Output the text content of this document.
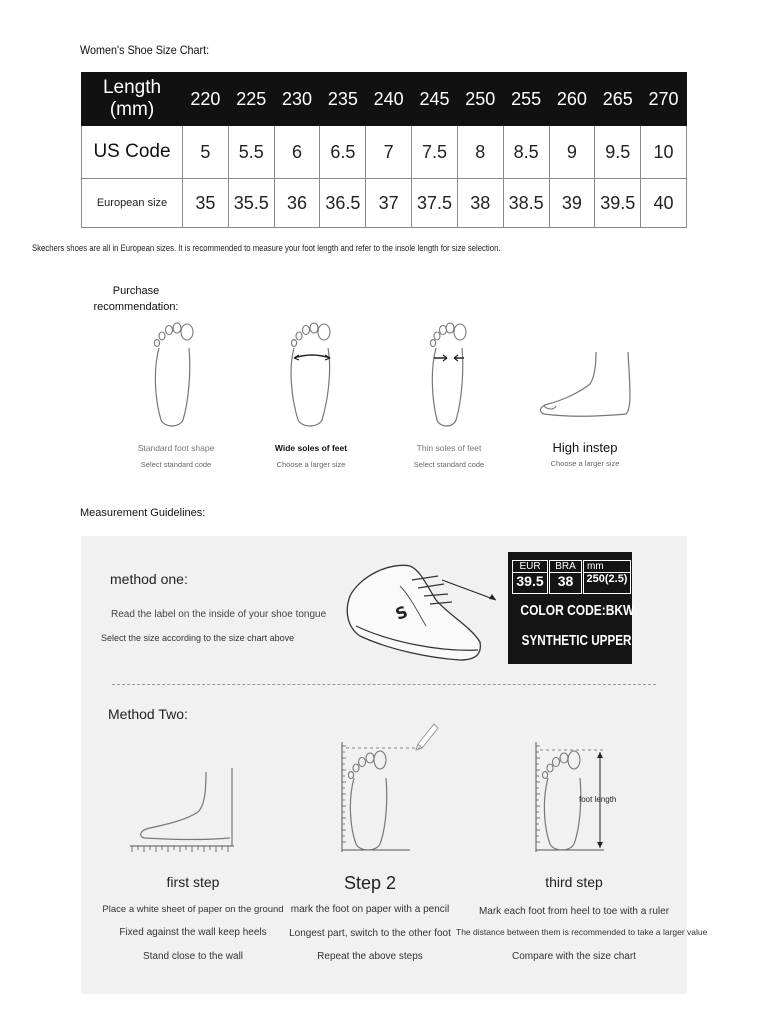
Women's Shoe Size Chart:
Length (mm)	220	225	230	235	240	245	250	255	260	265	270
US Code	5	5.5	6	6.5	7	7.5	8	8.5	9	9.5	10
European size	35	35.5	36	36.5	37	37.5	38	38.5	39	39.5	40
Skechers shoes are all in European sizes. It is recommended to measure your foot length and refer to the insole length for size selection.
Purchase
recommendation:
Standard foot shape
Select standard code
Wide soles of feet
Choose a larger size
Thin soles of feet
Select standard code
High instep
Choose a larger size
Measurement Guidelines:
method one:
Read the label on the inside of your shoe tongue
Select the size according to the size chart above
S
EUR
39.5
BRA
38
mm
250(2.5)
COLOR CODE:BKW
SYNTHETIC UPPER
Method Two:
foot length
first step
Place a white sheet of paper on the ground
Fixed against the wall keep heels
Stand close to the wall
Step 2
mark the foot on paper with a pencil
Longest part, switch to the other foot
Repeat the above steps
third step
Mark each foot from heel to toe with a ruler
The distance between them is recommended to take a larger value
Compare with the size chart
